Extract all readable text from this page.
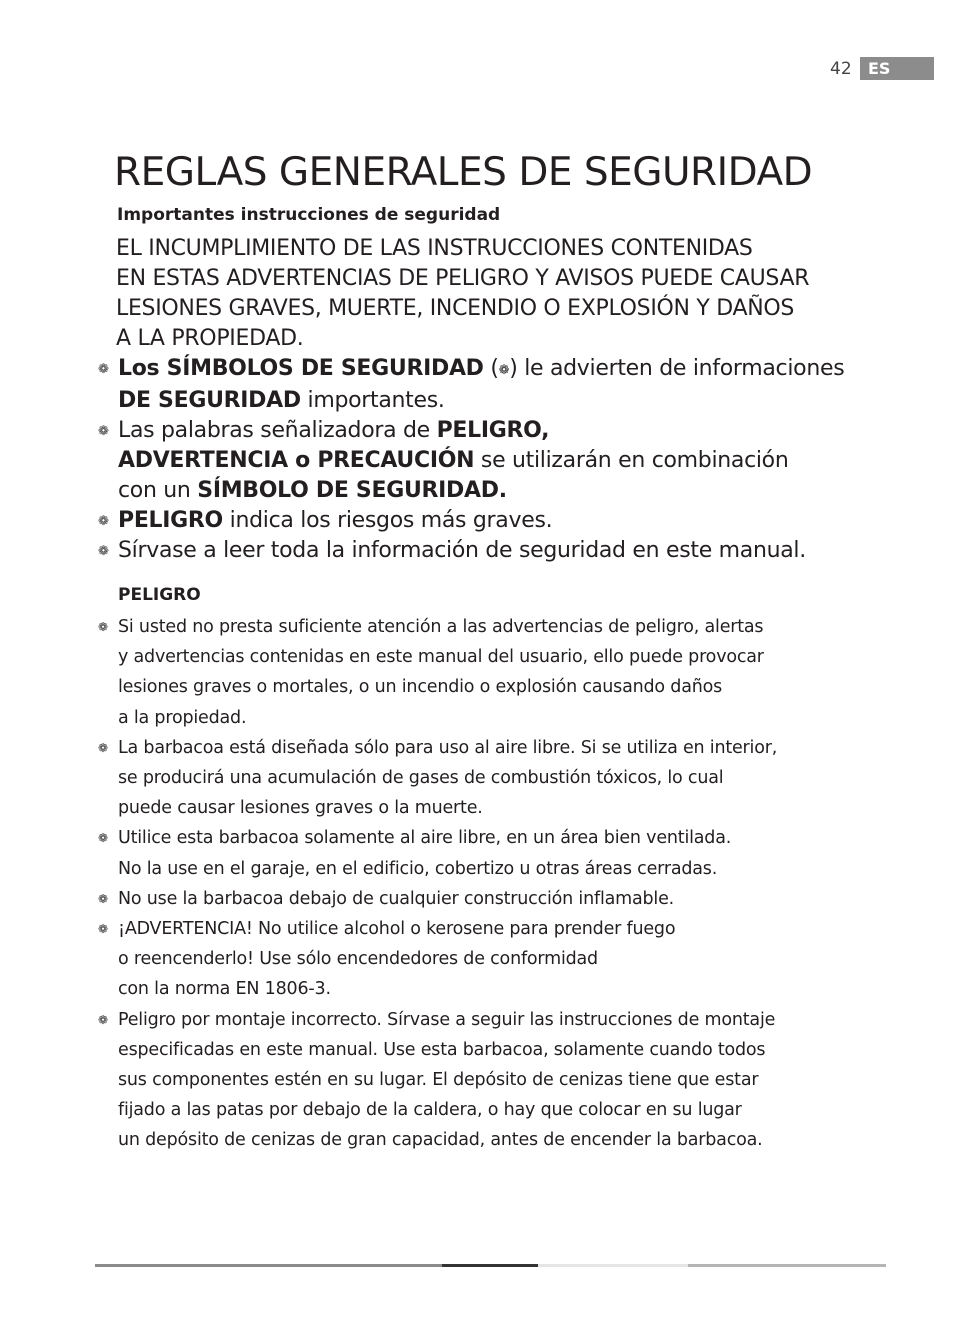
42	ES
REGLAS GENERALES DE SEGURIDAD
Importantes instrucciones de seguridad

EL INCUMPLIMIENTO DE LAS INSTRUCCIONES CONTENIDAS

EN ESTAS ADVERTENCIAS DE PELIGRO Y AVISOS PUEDE CAUSAR

LESIONES GRAVES, MUERTE, INCENDIO O EXPLOSIÓN Y DAÑOS

A LA PROPIEDAD.

❁ Los SÍMBOLOS DE SEGURIDAD (❁) le advierten de informaciones

DE SEGURIDAD importantes.

❁ Las palabras señalizadora de PELIGRO,

ADVERTENCIA o PRECAUCIÓN se utilizarán en combinación

con un SÍMBOLO DE SEGURIDAD.

❁ PELIGRO indica los riesgos más graves.

❁ Sírvase a leer toda la información de seguridad en este manual.

PELIGRO
❁ Si usted no presta suficiente atención a las advertencias de peligro, alertas

y advertencias contenidas en este manual del usuario, ello puede provocar

lesiones graves o mortales, o un incendio o explosión causando daños

a la propiedad.

❁ La barbacoa está diseñada sólo para uso al aire libre. Si se utiliza en interior,

se producirá una acumulación de gases de combustión tóxicos, lo cual

puede causar lesiones graves o la muerte.

❁ Utilice esta barbacoa solamente al aire libre, en un área bien ventilada.

No la use en el garaje, en el edificio, cobertizo u otras áreas cerradas.

❁ No use la barbacoa debajo de cualquier construcción inflamable.

❁ ¡ADVERTENCIA! No utilice alcohol o kerosene para prender fuego

o reencenderlo! Use sólo encendedores de conformidad

con la norma EN 1806-3.

❁ Peligro por montaje incorrecto. Sírvase a seguir las instrucciones de montaje

especificadas en este manual. Use esta barbacoa, solamente cuando todos

sus componentes estén en su lugar. El depósito de cenizas tiene que estar

fijado a las patas por debajo de la caldera, o hay que colocar en su lugar

un depósito de cenizas de gran capacidad, antes de encender la barbacoa.
